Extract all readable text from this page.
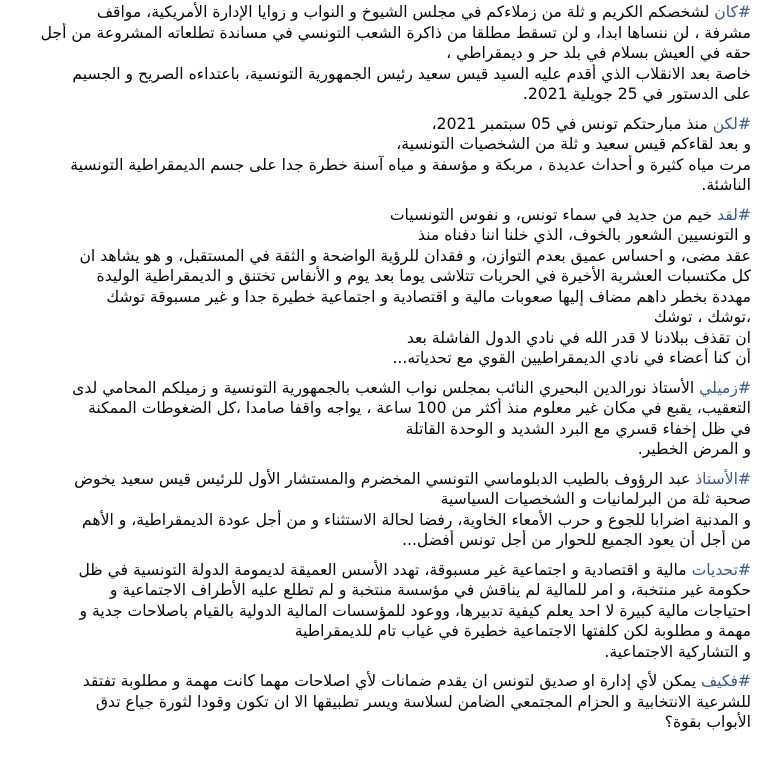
#كان لشخصكم الكريم و ثلة من زملاءكم في مجلس الشيوخ و النواب و زوايا الإدارة الأمريكية، مواقف
مشرفة ، لن ننساها ابدا، و لن تسقط مطلقا من ذاكرة الشعب التونسي في مساندة تطلعاته المشروعة من أجل
حقه في العيش بسلام في بلد حر و ديمقراطي ،
خاصة بعد الانقلاب الذي أقدم عليه السيد قيس سعيد رئيس الجمهورية التونسية، باعتداءه الصريح و الجسيم
على الدستور في 25 جويلية 2021.
#لكن منذ مبارحتكم تونس في 05 سبتمبر 2021،
و بعد لقاءكم قيس سعيد و ثلة من الشخصيات التونسية،
مرت مياه كثيرة و أحداث عديدة ، مربكة و مؤسفة و مياه آسنة خطرة جدا على جسم الديمقراطية التونسية
الناشئة.
#لقد خيم من جديد في سماء تونس، و نفوس التونسيات
و التونسيين الشعور بالخوف، الذي خلنا اننا دفناه منذ
عقد مضى، و احساس عميق بعدم التوازن، و فقدان للرؤية الواضحة و الثقة في المستقبل، و هو يشاهد ان
كل مكتسبات العشرية الأخيرة في الحريات تتلاشى يوما بعد يوم و الأنفاس تختنق و الديمقراطية الوليدة
مهددة بخطر داهم مضاف إليها صعوبات مالية و اقتصادية و اجتماعية خطيرة جدا و غير مسبوقة توشك
،توشك ، توشك
ان تقذف ببلادنا لا قدر الله في نادي الدول الفاشلة بعد
أن كنا أعضاء في نادي الديمقراطيين القوي مع تحدياته...
#زميلي الأستاذ نورالدين البحيري النائب بمجلس نواب الشعب بالجمهورية التونسية و زميلكم المحامي لدى
التعقيب، يقبع في مكان غير معلوم منذ أكثر من 100 ساعة ، يواجه واقفا صامدا ،كل الضغوطات الممكنة
في ظل إخفاء قسري مع البرد الشديد و الوحدة القاتلة
و المرض الخطير.
#الأستاذ عبد الرؤوف بالطيب الدبلوماسي التونسي المخضرم والمستشار الأول للرئيس قيس سعيد يخوض
صحبة ثلة من البرلمانيات و الشخصيات السياسية
و المدنية اضرابا للجوع و حرب الأمعاء الخاوية، رفضا لحالة الاستثناء و من أجل عودة الديمقراطية، و الأهم
من أجل أن يعود الجميع للحوار من أجل تونس أفضل...
#تحديات مالية و اقتصادية و اجتماعية غير مسبوقة، تهدد الأسس العميقة لديمومة الدولة التونسية في ظل
حكومة غير منتخبة، و امر للمالية لم يناقش في مؤسسة منتخبة و لم تطلع عليه الأطراف الاجتماعية و
احتياجات مالية كبيرة لا احد يعلم كيفية تدبيرها، ووعود للمؤسسات المالية الدولية بالقيام باصلاحات جدية و
مهمة و مطلوبة لكن كلفتها الاجتماعية خطيرة في غياب تام للديمقراطية
و التشاركية الاجتماعية.
#فكيف يمكن لأي إدارة او صديق لتونس ان يقدم ضمانات لأي اصلاحات مهما كانت مهمة و مطلوبة تفتقد
للشرعية الانتخابية و الحزام المجتمعي الضامن لسلاسة ويسر تطبيقها الا ان تكون وقودا لثورة جياع تدق
الأبواب بقوة؟
